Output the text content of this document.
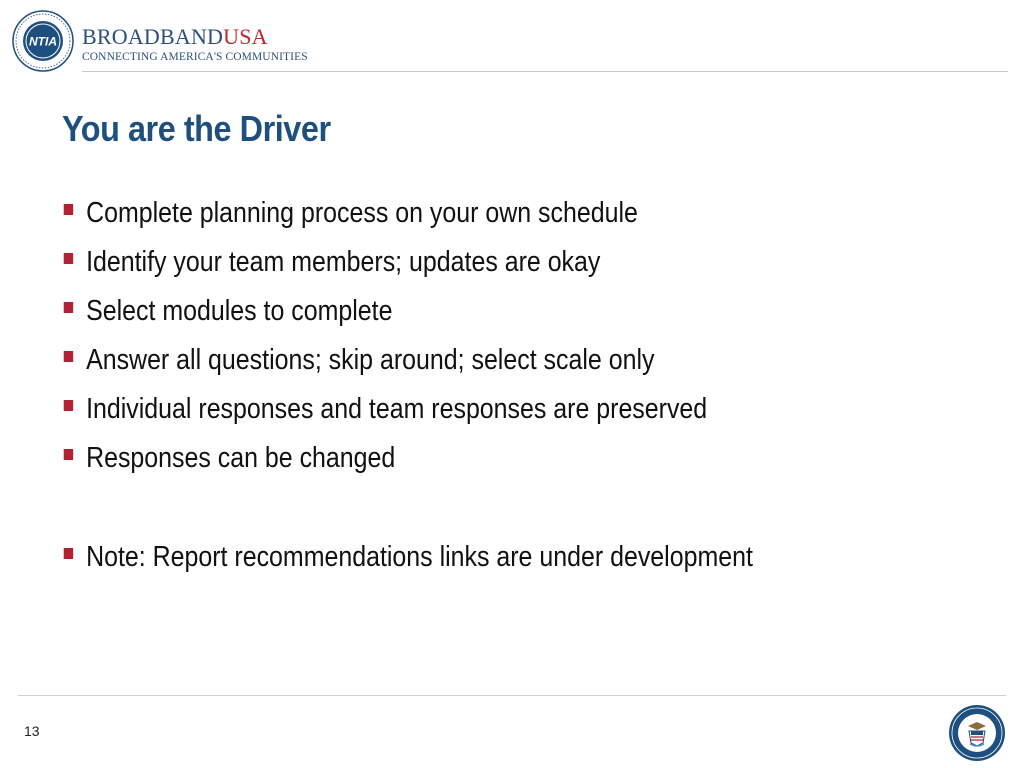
NTIA BROADBANDUSA
CONNECTING AMERICA'S COMMUNITIES
You are the Driver
Complete planning process on your own schedule
Identify your team members; updates are okay
Select modules to complete
Answer all questions; skip around; select scale only
Individual responses and team responses are preserved
Responses can be changed
Note: Report recommendations links are under development
13
